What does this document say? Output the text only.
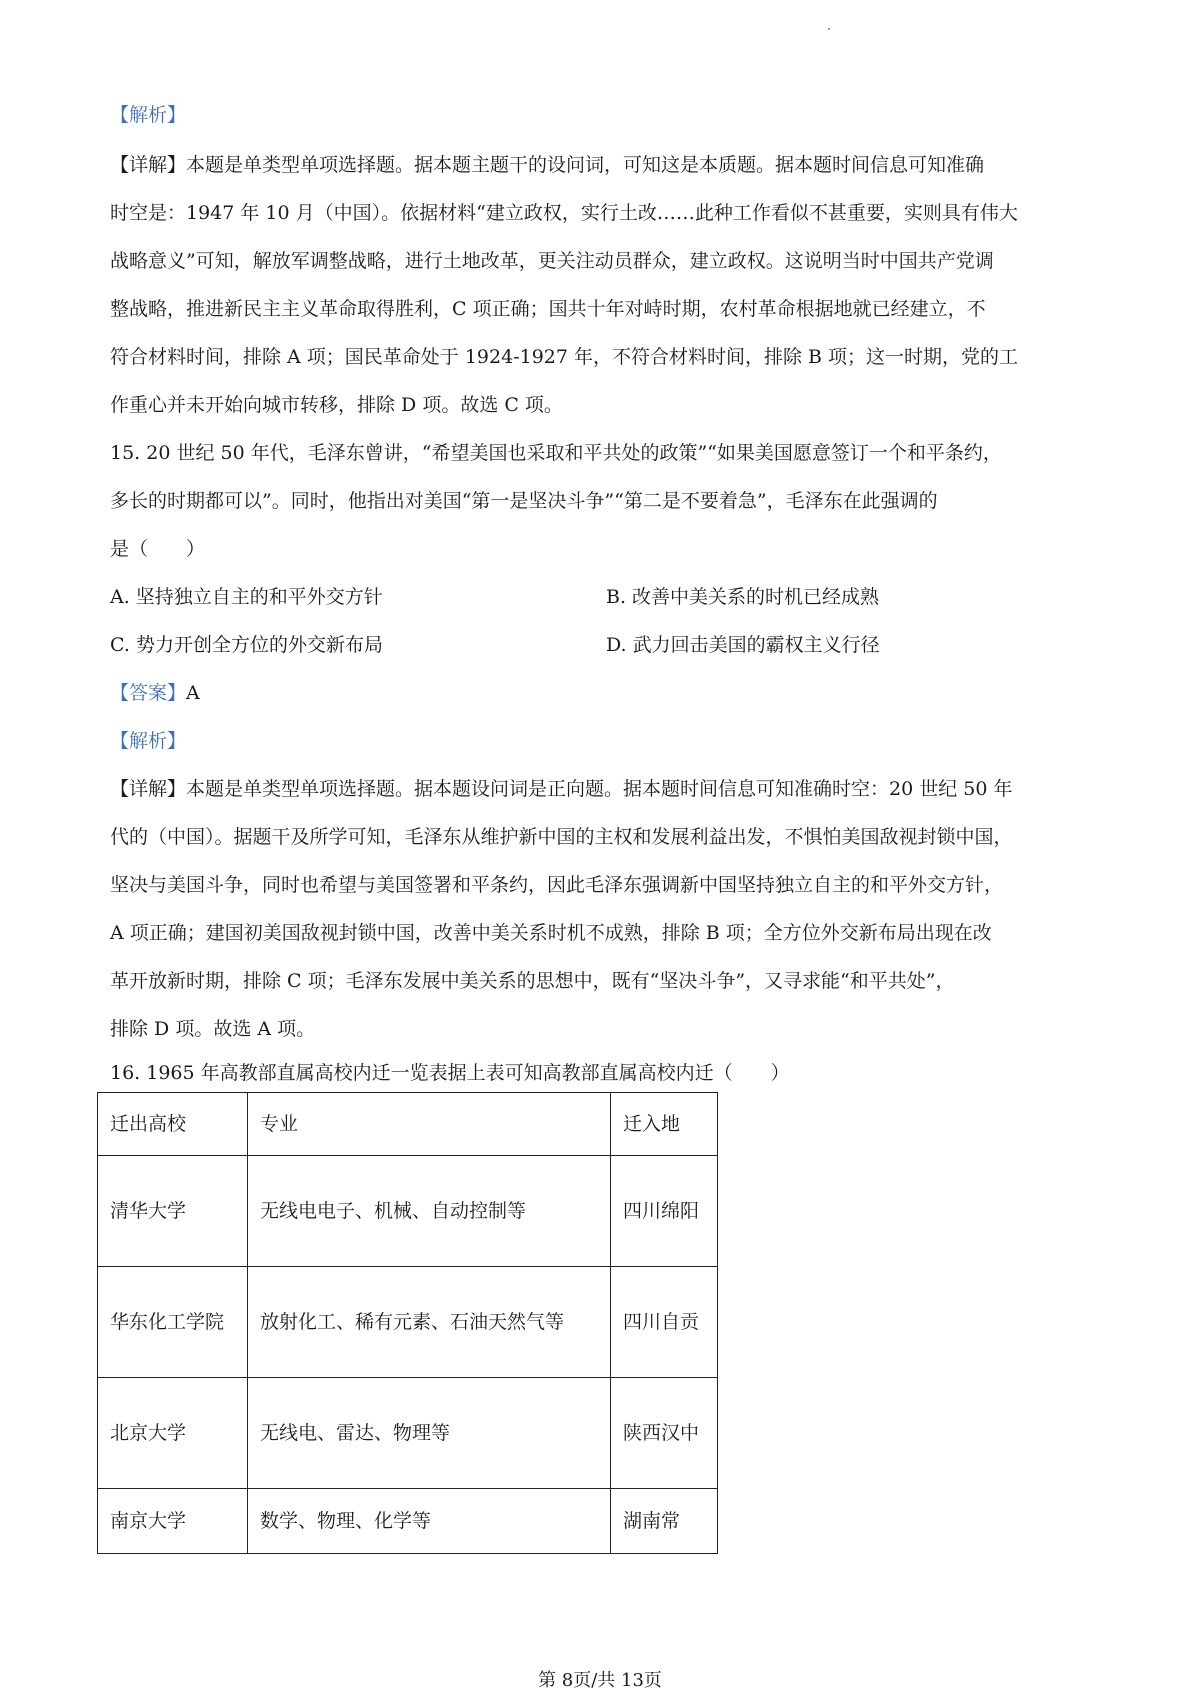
【解析】
【详解】本题是单类型单项选择题。据本题主题干的设问词，可知这是本质题。据本题时间信息可知准确
时空是：1947 年 10 月（中国）。依据材料“建立政权，实行土改……此种工作看似不甚重要，实则具有伟大
战略意义”可知，解放军调整战略，进行土地改革，更关注动员群众，建立政权。这说明当时中国共产党调
整战略，推进新民主主义革命取得胜利，C 项正确；国共十年对峙时期，农村革命根据地就已经建立，不
符合材料时间，排除 A 项；国民革命处于 1924-1927 年，不符合材料时间，排除 B 项；这一时期，党的工
作重心并未开始向城市转移，排除 D 项。故选 C 项。
15. 20 世纪 50 年代，毛泽东曾讲，“希望美国也采取和平共处的政策”“如果美国愿意签订一个和平条约，
多长的时期都可以”。同时，他指出对美国“第一是坚决斗争”“第二是不要着急”，毛泽东在此强调的
是（　　）
A. 坚持独立自主的和平外交方针	B. 改善中美关系的时机已经成熟
C. 势力开创全方位的外交新布局	D. 武力回击美国的霸权主义行径
【答案】A
【解析】
【详解】本题是单类型单项选择题。据本题设问词是正向题。据本题时间信息可知准确时空：20 世纪 50 年
代的（中国）。据题干及所学可知，毛泽东从维护新中国的主权和发展利益出发，不惧怕美国敌视封锁中国，
坚决与美国斗争，同时也希望与美国签署和平条约，因此毛泽东强调新中国坚持独立自主的和平外交方针，
A 项正确；建国初美国敌视封锁中国，改善中美关系时机不成熟，排除 B 项；全方位外交新布局出现在改
革开放新时期，排除 C 项；毛泽东发展中美关系的思想中，既有“坚决斗争”，又寻求能“和平共处”，
排除 D 项。故选 A 项。
16. 1965 年高教部直属高校内迁一览表据上表可知高教部直属高校内迁（　　）
迁出高校	专业	迁入地
清华大学	无线电电子、机械、自动控制等	四川绵阳
华东化工学院	放射化工、稀有元素、石油天然气等	四川自贡
北京大学	无线电、雷达、物理等	陕西汉中
南京大学	数学、物理、化学等	湖南常
第 8页/共 13页
